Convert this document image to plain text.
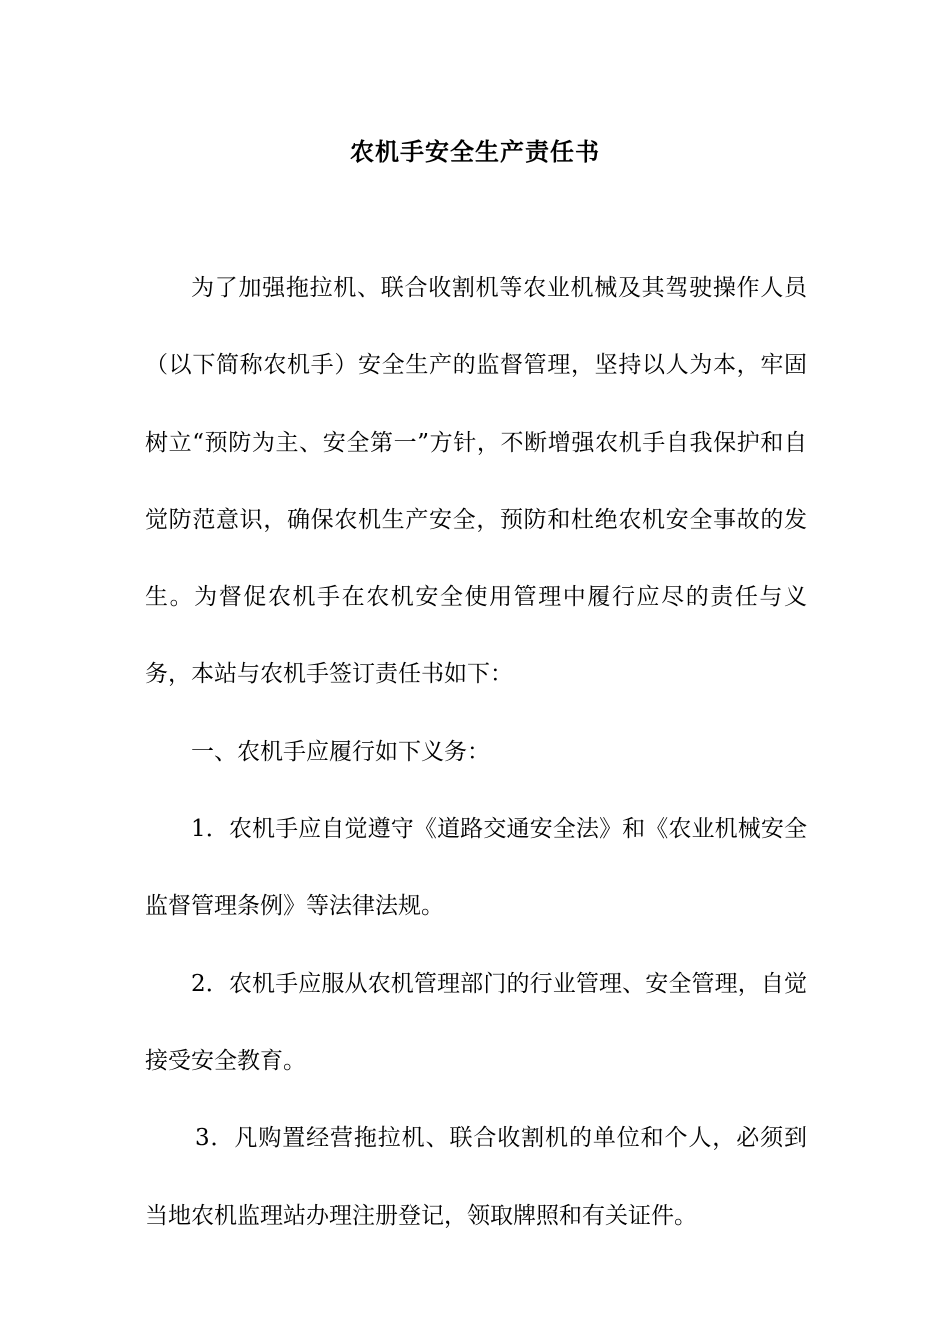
农机手安全生产责任书

为了加强拖拉机、联合收割机等农业机械及其驾驶操作人员（以下简称农机手）安全生产的监督管理，坚持以人为本，牢固树立“预防为主、安全第一”方针，不断增强农机手自我保护和自觉防范意识，确保农机生产安全，预防和杜绝农机安全事故的发生。为督促农机手在农机安全使用管理中履行应尽的责任与义务，本站与农机手签订责任书如下：

一、农机手应履行如下义务：

1．农机手应自觉遵守《道路交通安全法》和《农业机械安全监督管理条例》等法律法规。

2．农机手应服从农机管理部门的行业管理、安全管理，自觉接受安全教育。

3．凡购置经营拖拉机、联合收割机的单位和个人，必须到当地农机监理站办理注册登记，领取牌照和有关证件。
